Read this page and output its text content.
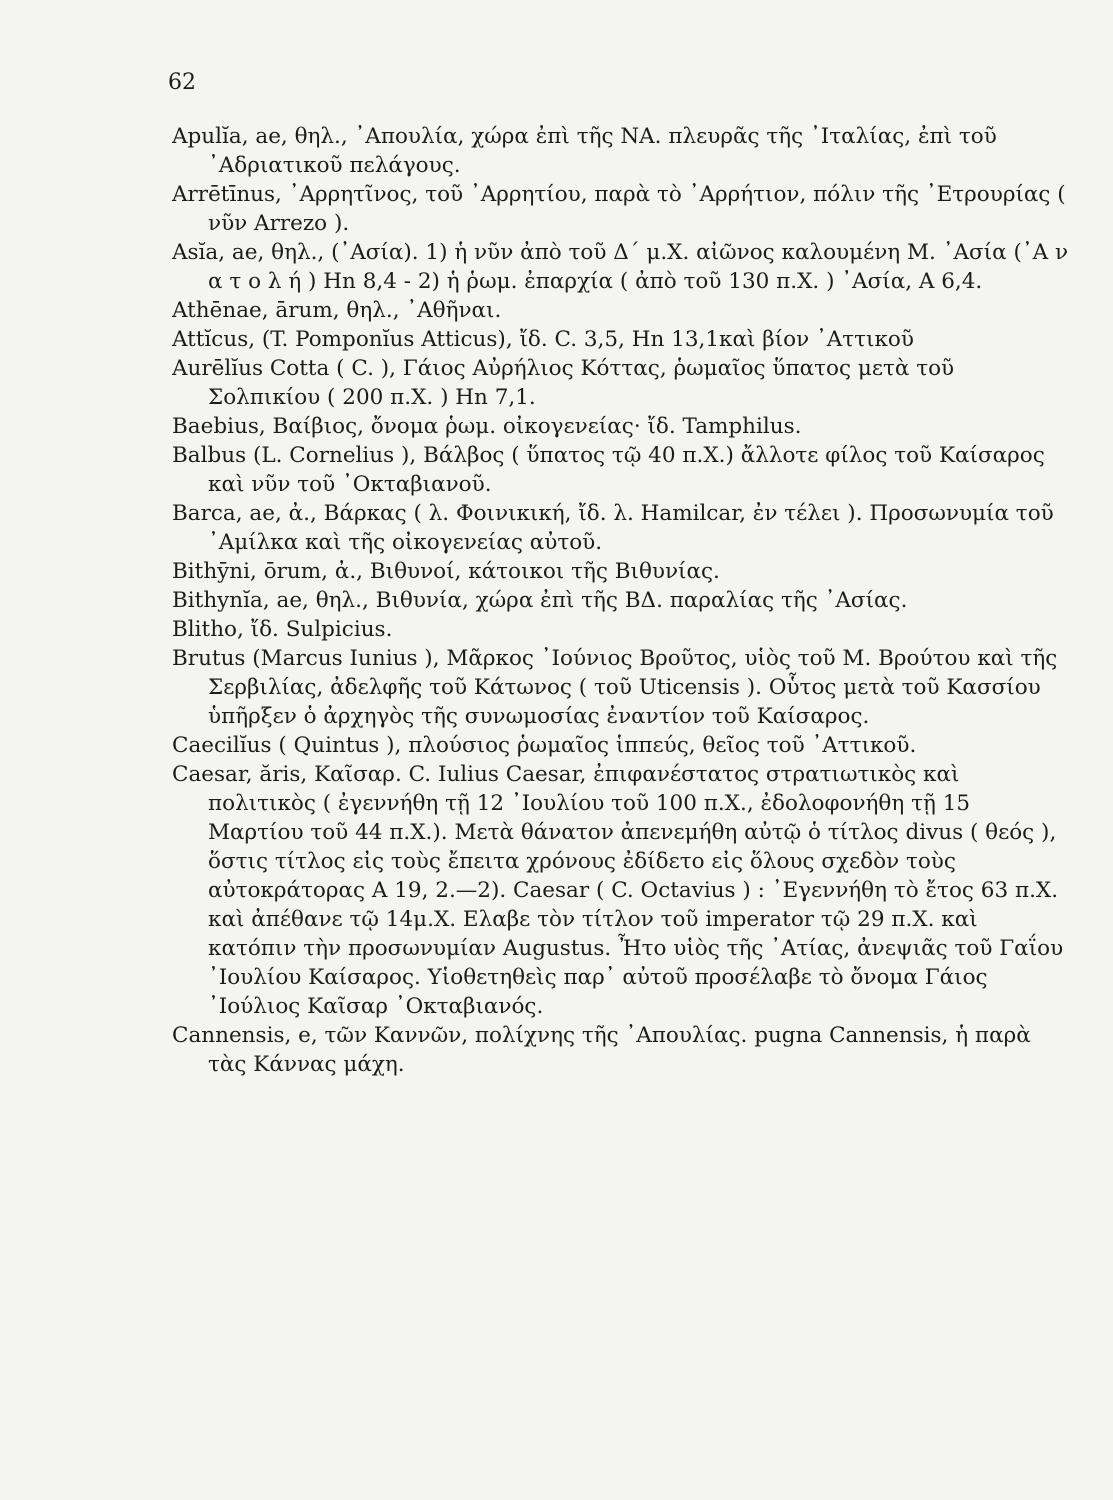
62

Apulĭa, ae, θηλ., ᾿Απουλία, χώρα ἐπὶ τῆς ΝΑ. πλευρᾶς τῆς ᾿Ιταλίας, ἐπὶ τοῦ ᾿Αδριατικοῦ πελάγους.

Arrētīnus, ᾿Αρρητῖνος, τοῦ ᾿Αρρητίου, παρὰ τὸ ᾿Αρρήτιον, πόλιν τῆς ᾿Ετρουρίας ( νῦν Arrezo ).

Asĭa, ae, θηλ., (᾿Ασία). 1) ἡ νῦν ἀπὸ τοῦ Δ΄ μ.Χ. αἰῶνος καλουμένη Μ. ᾿Ασία (᾿Α ν α τ ο λ ή ) Hn 8,4 - 2) ἡ ῥωμ. ἐπαρχία ( ἀπὸ τοῦ 130 π.Χ. ) ᾿Ασία, Α 6,4.

Athēnae, ārum, θηλ., ᾿Αθῆναι.

Attĭcus, (T. Pomponĭus Atticus), ἴδ. C. 3,5, Hn 13,1καὶ βίον ᾿Αττικοῦ

Aurēlĭus Cotta ( C. ), Γάιος Αὐρήλιος Κόττας, ῥωμαῖος ὕπατος μετὰ τοῦ Σολπικίου ( 200 π.Χ. ) Hn 7,1.

Baebius, Βαίβιος, ὄνομα ῥωμ. οἰκογενείας· ἴδ. Tamphilus.

Balbus (L. Cornelius ), Βάλβος ( ὕπατος τῷ 40 π.Χ.) ἄλλοτε φίλος τοῦ Καίσαρος καὶ νῦν τοῦ ᾿Οκταβιανοῦ.

Barca, ae, ἀ., Βάρκας ( λ. Φοινικική, ἴδ. λ. Hamilcar, ἐν τέλει ). Προσωνυμία τοῦ ᾿Αμίλκα καὶ τῆς οἰκογενείας αὐτοῦ.

Bithȳni, ōrum, ἀ., Βιθυνοί, κάτοικοι τῆς Βιθυνίας.

Bithynĭa, ae, θηλ., Βιθυνία, χώρα ἐπὶ τῆς ΒΔ. παραλίας τῆς ᾿Ασίας.

Blitho, ἴδ. Sulpicius.

Brutus (Marcus Iunius ), Μᾶρκος ᾿Ιούνιος Βροῦτος, υἱὸς τοῦ Μ. Βρούτου καὶ τῆς Σερβιλίας, ἀδελφῆς τοῦ Κάτωνος ( τοῦ Uticensis ). Οὗτος μετὰ τοῦ Κασσίου ὑπῆρξεν ὁ ἀρχηγὸς τῆς συνωμοσίας ἐναντίον τοῦ Καίσαρος.

Caecilĭus ( Quintus ), πλούσιος ῥωμαῖος ἱππεύς, θεῖος τοῦ ᾿Αττικοῦ.

Caesar, ăris, Καῖσαρ. C. Iulius Caesar, ἐπιφανέστατος στρατιωτικὸς καὶ πολιτικὸς ( ἐγεννήθη τῇ 12 ᾿Ιουλίου τοῦ 100 π.Χ., ἐδολοφονήθη τῇ 15 Μαρτίου τοῦ 44 π.Χ.). Μετὰ θάνατον ἀπενεμήθη αὐτῷ ὁ τίτλος divus ( θεός ), ὅστις τίτλος εἰς τοὺς ἔπειτα χρόνους ἐδίδετο εἰς ὅλους σχεδὸν τοὺς αὐτοκράτορας Α 19, 2.—2). Caesar ( C. Octavius ) : ᾿Εγεννήθη τὸ ἔτος 63 π.Χ. καὶ ἀπέθανε τῷ 14μ.Χ. Ελαβε τὸν τίτλον τοῦ imperator τῷ 29 π.Χ. καὶ κατόπιν τὴν προσωνυμίαν Augustus. Ἦτο υἱὸς τῆς ᾿Ατίας, ἀνεψιᾶς τοῦ Γαΐου ᾿Ιουλίου Καίσαρος. Υἱοθετηθεὶς παρ᾿ αὐτοῦ προσέλαβε τὸ ὄνομα Γάιος ᾿Ιούλιος Καῖσαρ ᾿Οκταβιανός.

Cannensis, e, τῶν Καννῶν, πολίχνης τῆς ᾿Απουλίας. pugna Cannensis, ἡ παρὰ τὰς Κάννας μάχη.
